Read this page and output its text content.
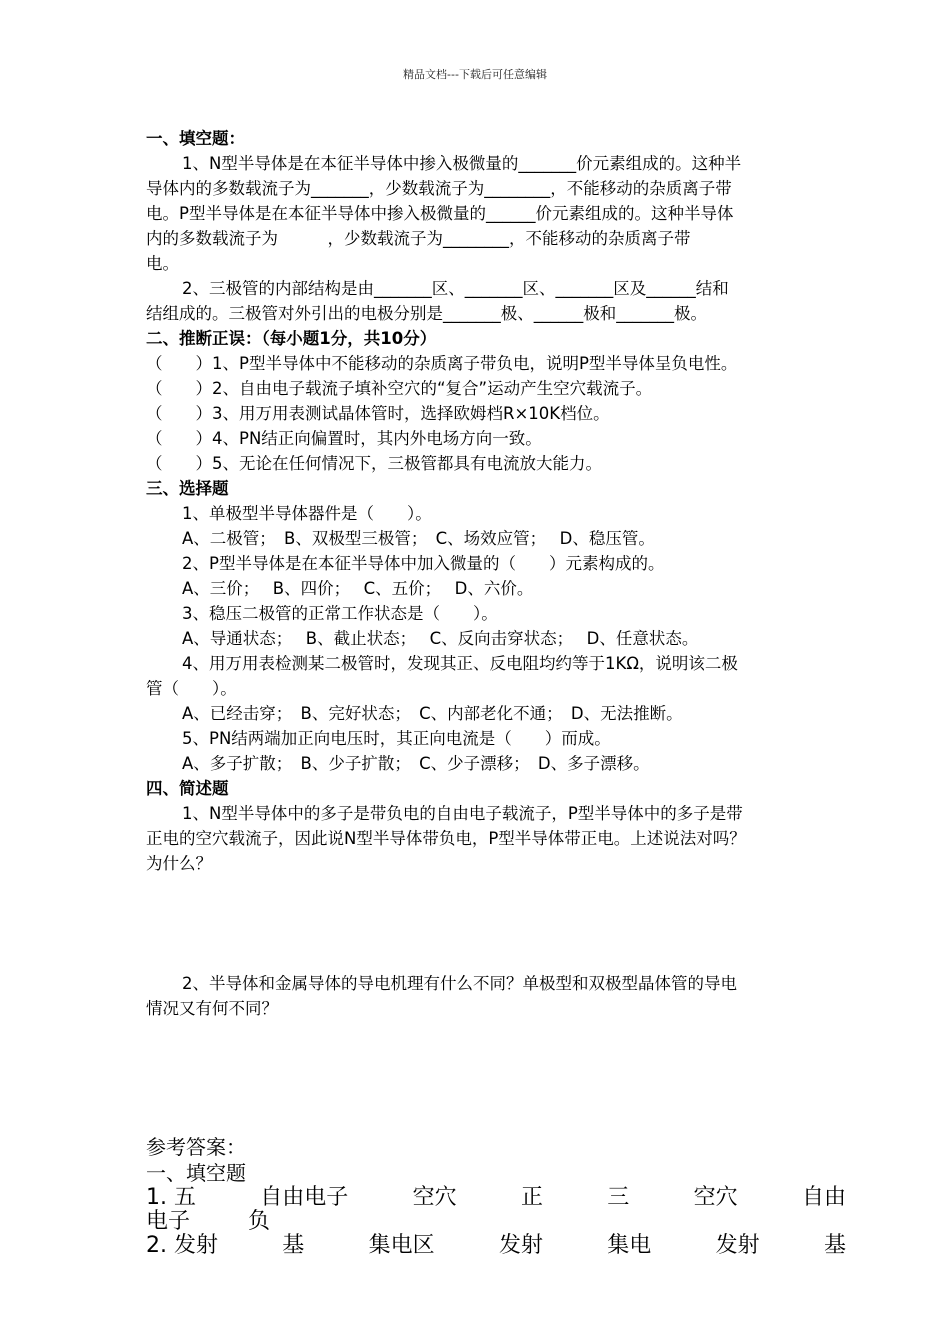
精品文档---下载后可任意编辑
一、填空题：
1、N型半导体是在本征半导体中掺入极微量的_______价元素组成的。这种半
导体内的多数载流子为_______，少数载流子为________，不能移动的杂质离子带
电。P型半导体是在本征半导体中掺入极微量的______价元素组成的。这种半导体
内的多数载流子为　　　，少数载流子为________，不能移动的杂质离子带
电。
2、三极管的内部结构是由_______区、_______区、_______区及______结和
结组成的。三极管对外引出的电极分别是_______极、______极和_______极。
二、推断正误：（每小题1分，共10分）
（　　）1、P型半导体中不能移动的杂质离子带负电，说明P型半导体呈负电性。
（　　）2、自由电子载流子填补空穴的“复合”运动产生空穴载流子。
（　　）3、用万用表测试晶体管时，选择欧姆档R×10K档位。
（　　）4、PN结正向偏置时，其内外电场方向一致。
（　　）5、无论在任何情况下，三极管都具有电流放大能力。
三、选择题
1、单极型半导体器件是（　　）。
A、二极管；　B、双极型三极管；　C、场效应管；　 D、稳压管。
2、P型半导体是在本征半导体中加入微量的（　　）元素构成的。
A、三价；　 B、四价；　 C、五价；　 D、六价。
3、稳压二极管的正常工作状态是（　　）。
A、导通状态；　 B、截止状态；　 C、反向击穿状态；　 D、任意状态。
4、用万用表检测某二极管时，发现其正、反电阻均约等于1KΩ，说明该二极
管（　　）。
A、已经击穿；　B、完好状态；　C、内部老化不通；　D、无法推断。
5、PN结两端加正向电压时，其正向电流是（　　）而成。
A、多子扩散；　B、少子扩散；　C、少子漂移；　D、多子漂移。
四、简述题
1、N型半导体中的多子是带负电的自由电子载流子，P型半导体中的多子是带
正电的空穴载流子，因此说N型半导体带负电，P型半导体带正电。上述说法对吗？
为什么？
2、半导体和金属导体的导电机理有什么不同？单极型和双极型晶体管的导电
情况又有何不同？
参考答案：
一、填空题
1. 五	自由电子	空穴	正	三	空穴	自由
电子	负
2. 发射	基	集电区	发射	集电	发射	基
